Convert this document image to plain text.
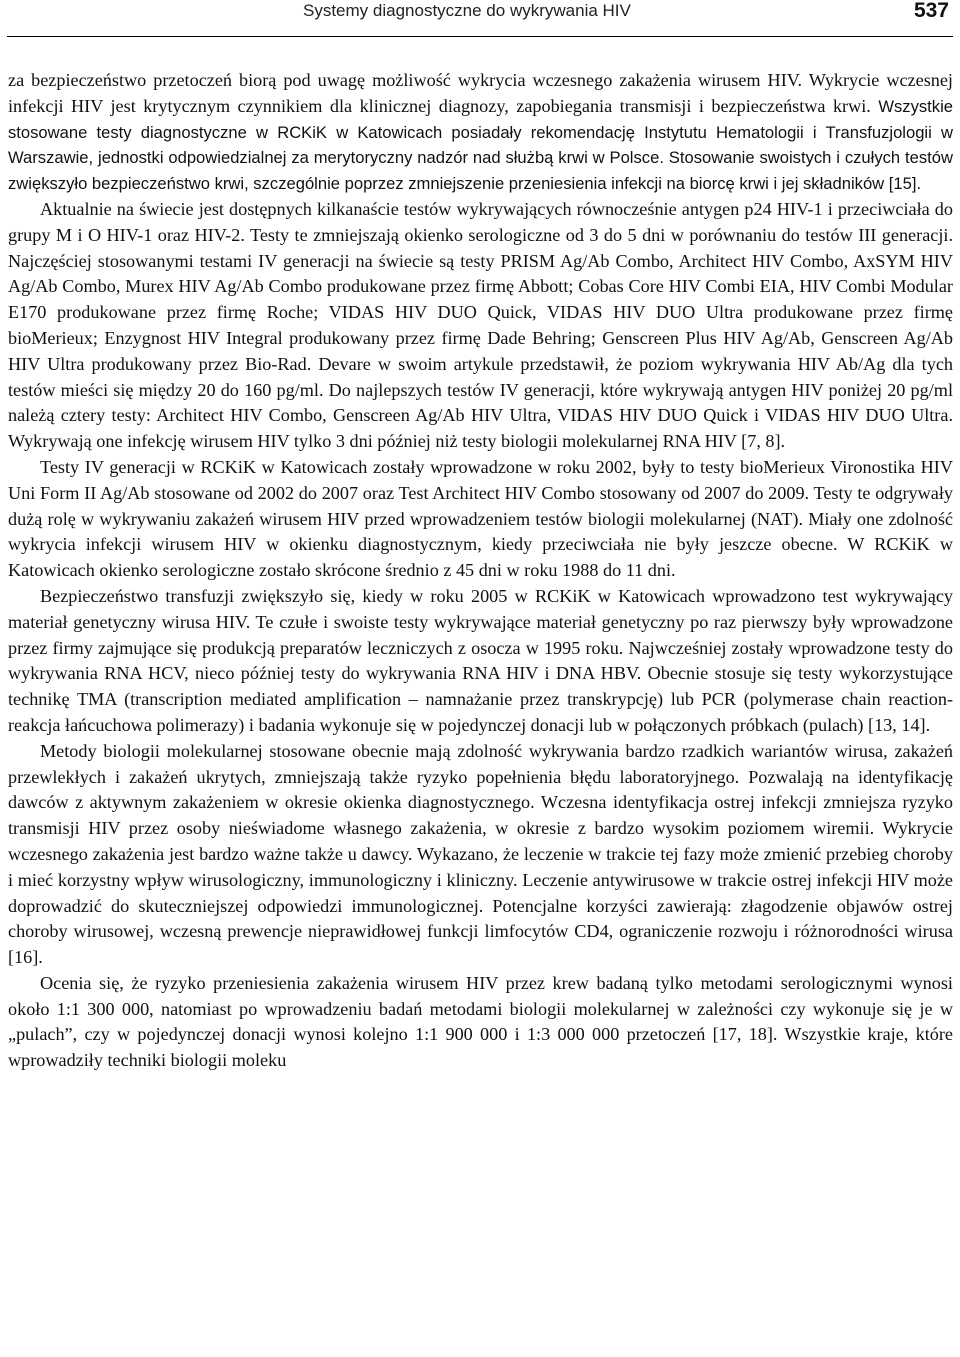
Systemy diagnostyczne do wykrywania HIV	537

za bezpieczeństwo przetoczeń biorą pod uwagę możliwość wykrycia wczesnego zakażenia wirusem HIV. Wykrycie wczesnej infekcji HIV jest krytycznym czynnikiem dla klinicznej diagnozy, zapobiegania transmisji i bezpieczeństwa krwi. Wszystkie stosowane testy diagnostyczne w RCKiK w Katowicach posiadały rekomendację Instytutu Hematologii i Transfuzjologii w Warszawie, jednostki odpowiedzialnej za merytoryczny nadzór nad służbą krwi w Polsce. Stosowanie swoistych i czułych testów zwiększyło bezpieczeństwo krwi, szczególnie poprzez zmniejszenie przeniesienia infekcji na biorcę krwi i jej składników [15].

Aktualnie na świecie jest dostępnych kilkanaście testów wykrywających równocześnie antygen p24 HIV-1 i przeciwciała do grupy M i O HIV-1 oraz HIV-2. Testy te zmniejszają okienko serologiczne od 3 do 5 dni w porównaniu do testów III generacji. Najczęściej stosowanymi testami IV generacji na świecie są testy PRISM Ag/Ab Combo, Architect HIV Combo, AxSYM HIV Ag/Ab Combo, Murex HIV Ag/Ab Combo produkowane przez firmę Abbott; Cobas Core HIV Combi EIA, HIV Combi Modular E170 produkowane przez firmę Roche; VIDAS HIV DUO Quick, VIDAS HIV DUO Ultra produkowane przez firmę bioMerieux; Enzygnost HIV Integral produkowany przez firmę Dade Behring; Genscreen Plus HIV Ag/Ab, Genscreen Ag/Ab HIV Ultra produkowany przez Bio-Rad. Devare w swoim artykule przedstawił, że poziom wykrywania HIV Ab/Ag dla tych testów mieści się między 20 do 160 pg/ml. Do najlepszych testów IV generacji, które wykrywają antygen HIV poniżej 20 pg/ml należą cztery testy: Architect HIV Combo, Genscreen Ag/Ab HIV Ultra, VIDAS HIV DUO Quick i VIDAS HIV DUO Ultra. Wykrywają one infekcję wirusem HIV tylko 3 dni później niż testy biologii molekularnej RNA HIV [7, 8].

Testy IV generacji w RCKiK w Katowicach zostały wprowadzone w roku 2002, były to testy bioMerieux Vironostika HIV Uni Form II Ag/Ab stosowane od 2002 do 2007 oraz Test Architect HIV Combo stosowany od 2007 do 2009. Testy te odgrywały dużą rolę w wykrywaniu zakażeń wirusem HIV przed wprowadzeniem testów biologii molekularnej (NAT). Miały one zdolność wykrycia infekcji wirusem HIV w okienku diagnostycznym, kiedy przeciwciała nie były jeszcze obecne. W RCKiK w Katowicach okienko serologiczne zostało skrócone średnio z 45 dni w roku 1988 do 11 dni.

Bezpieczeństwo transfuzji zwiększyło się, kiedy w roku 2005 w RCKiK w Katowicach wprowadzono test wykrywający materiał genetyczny wirusa HIV. Te czułe i swoiste testy wykrywające materiał genetyczny po raz pierwszy były wprowadzone przez firmy zajmujące się produkcją preparatów leczniczych z osocza w 1995 roku. Najwcześniej zostały wprowadzone testy do wykrywania RNA HCV, nieco później testy do wykrywania RNA HIV i DNA HBV. Obecnie stosuje się testy wykorzystujące technikę TMA (transcription mediated amplification – namnażanie przez transkrypcję) lub PCR (polymerase chain reaction- reakcja łańcuchowa polimerazy) i badania wykonuje się w pojedynczej donacji lub w połączonych próbkach (pulach) [13, 14].

Metody biologii molekularnej stosowane obecnie mają zdolność wykrywania bardzo rzadkich wariantów wirusa, zakażeń przewlekłych i zakażeń ukrytych, zmniejszają także ryzyko popełnienia błędu laboratoryjnego. Pozwalają na identyfikację dawców z aktywnym zakażeniem w okresie okienka diagnostycznego. Wczesna identyfikacja ostrej infekcji zmniejsza ryzyko transmisji HIV przez osoby nieświadome własnego zakażenia, w okresie z bardzo wysokim poziomem wiremii. Wykrycie wczesnego zakażenia jest bardzo ważne także u dawcy. Wykazano, że leczenie w trakcie tej fazy może zmienić przebieg choroby i mieć korzystny wpływ wirusologiczny, immunologiczny i kliniczny. Leczenie antywirusowe w trakcie ostrej infekcji HIV może doprowadzić do skuteczniejszej odpowiedzi immunologicznej. Potencjalne korzyści zawierają: złagodzenie objawów ostrej choroby wirusowej, wczesną prewencje nieprawidłowej funkcji limfocytów CD4, ograniczenie rozwoju i różnorodności wirusa [16].

Ocenia się, że ryzyko przeniesienia zakażenia wirusem HIV przez krew badaną tylko metodami serologicznymi wynosi około 1:1 300 000, natomiast po wprowadzeniu badań metodami biologii molekularnej w zależności czy wykonuje się je w „pulach”, czy w pojedynczej donacji wynosi kolejno 1:1 900 000 i 1:3 000 000 przetoczeń [17, 18]. Wszystkie kraje, które wprowadziły techniki biologii moleku
